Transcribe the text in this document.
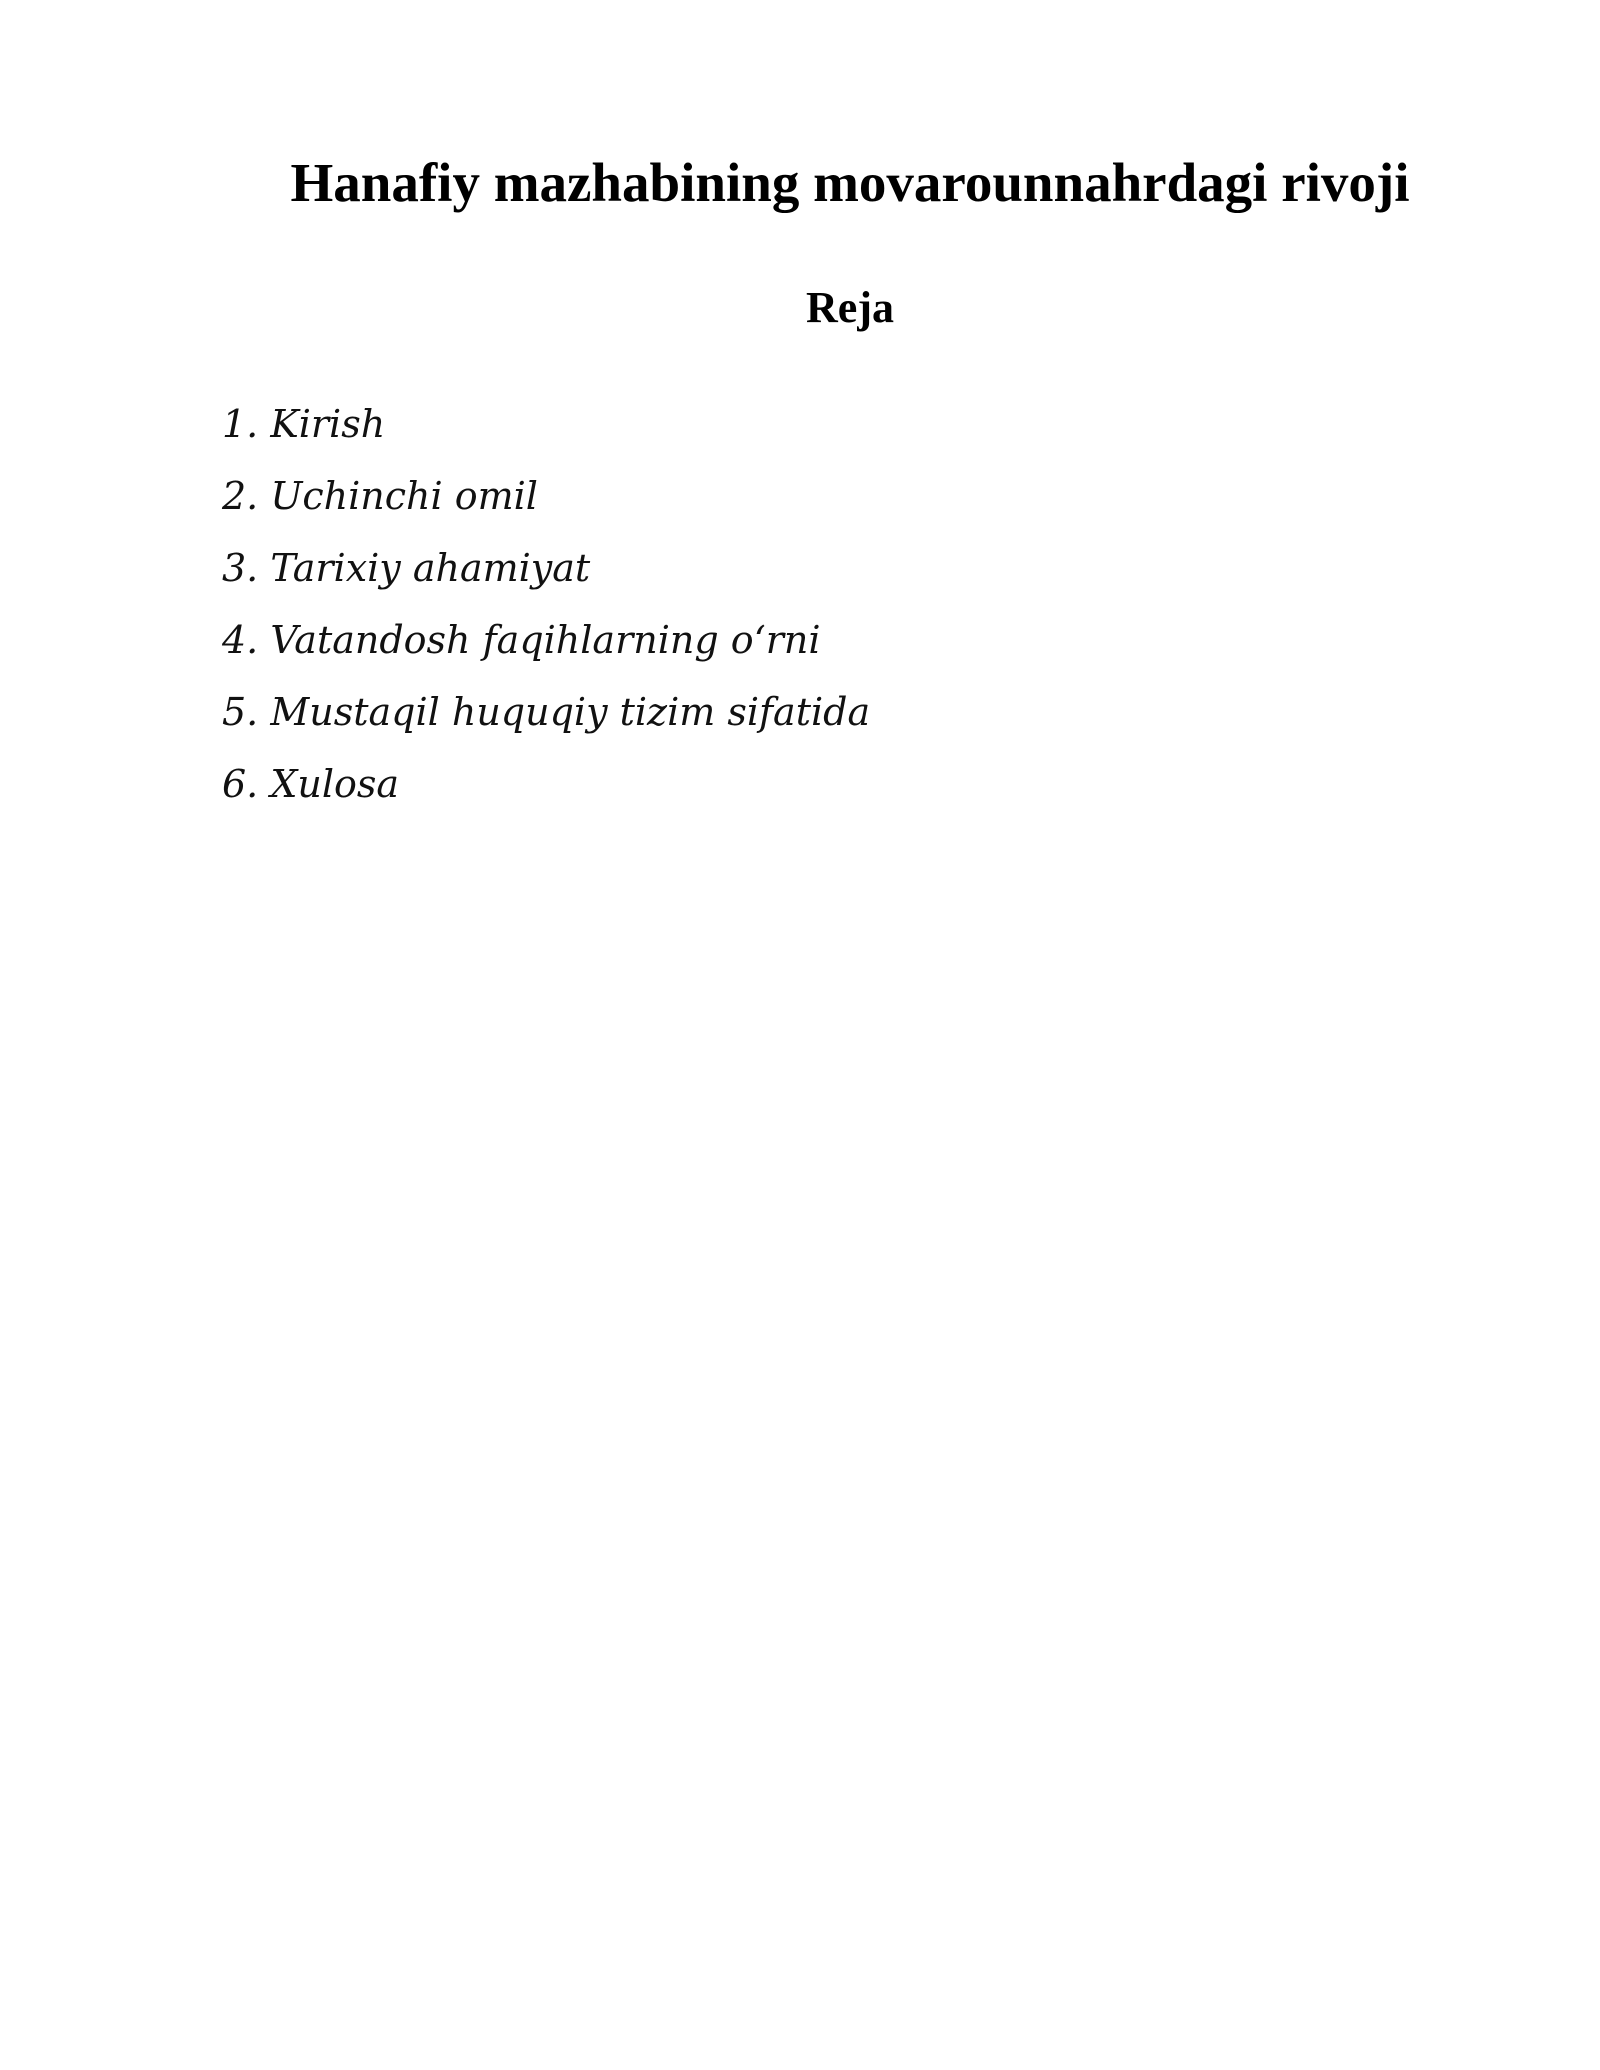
Hanafiy mazhabining movarounnahrdagi rivoji
Reja
1. Kirish
2. Uchinchi omil
3. Tarixiy ahamiyat
4. Vatandosh faqihlarning o‘rni
5. Mustaqil huquqiy tizim sifatida
6. Xulosa
